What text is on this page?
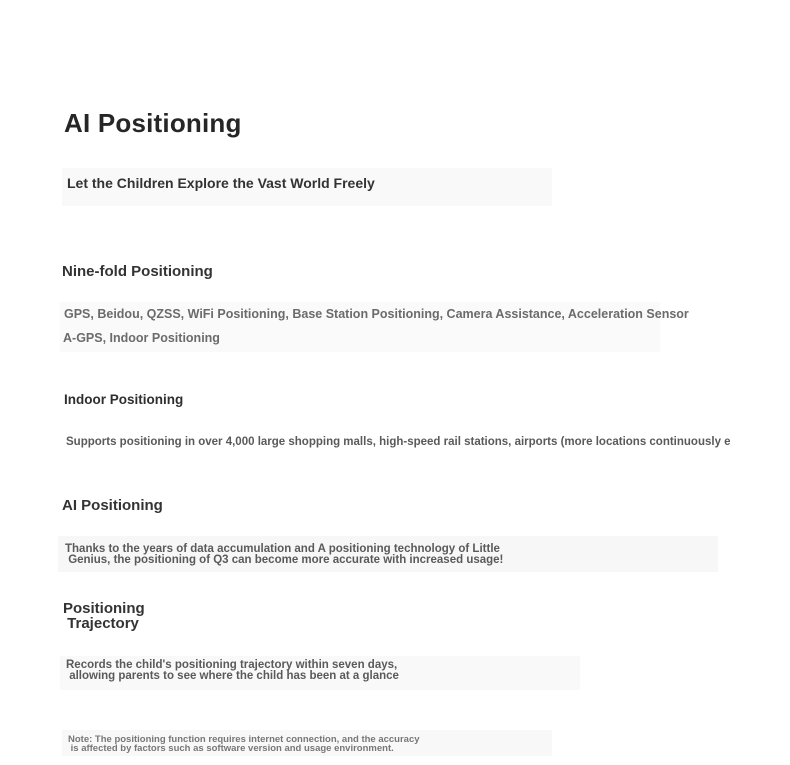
AI Positioning

Let the Children Explore the Vast World Freely

Nine-fold Positioning

GPS, Beidou, QZSS, WiFi Positioning, Base Station Positioning, Camera Assistance, Acceleration Sensor

A-GPS, Indoor Positioning

Indoor Positioning

Supports positioning in over 4,000 large shopping malls, high-speed rail stations, airports (more locations continuously e

AI Positioning

Thanks to the years of data accumulation and A positioning technology of Little

Genius, the positioning of Q3 can become more accurate with increased usage!

Positioning
Trajectory

Records the child's positioning trajectory within seven days,

allowing parents to see where the child has been at a glance

Note: The positioning function requires internet connection, and the accuracy

is affected by factors such as software version and usage environment.
